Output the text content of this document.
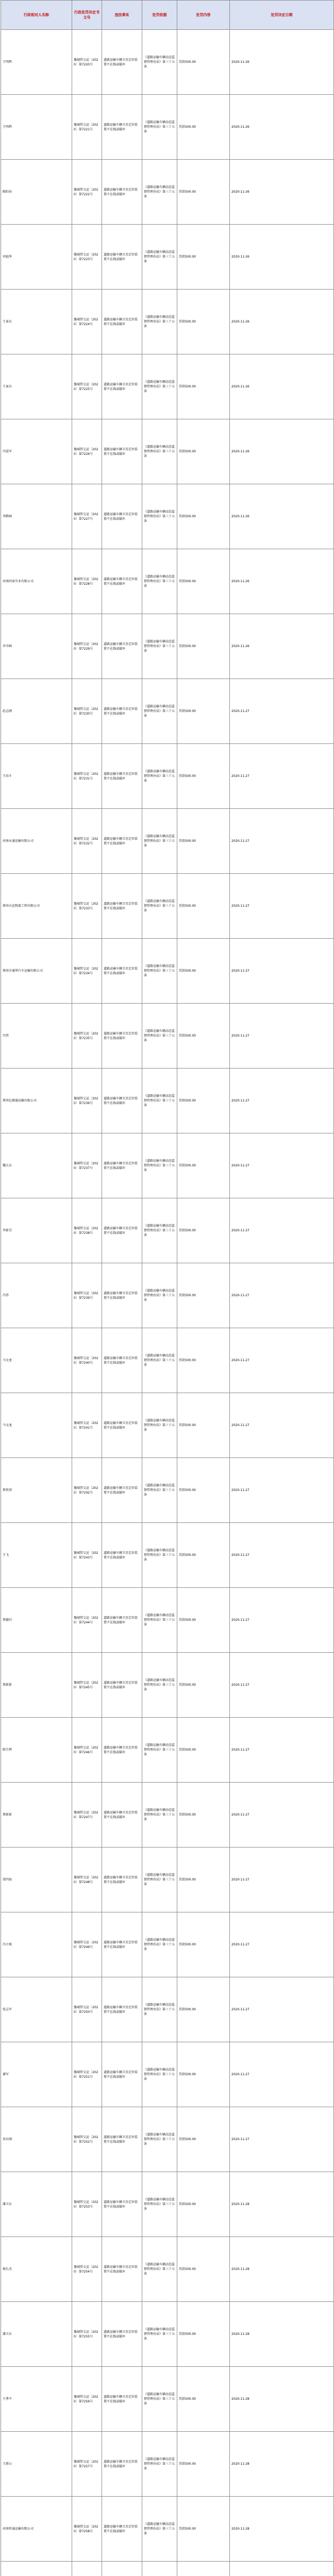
行政相对人名称	行政处罚决定书文号	违法事实	处罚依据	处罚内容	处罚决定日期
王明辉	豫城管交运〔2020〕第7220号	道路运输车辆卫星定位装置不在线或破坏	《道路运输车辆动态监督管理办法》第三十五条	罚款500.00	2020-11-26
王明辉	豫城管交运〔2020〕第7221号	道路运输车辆卫星定位装置不在线或破坏	《道路运输车辆动态监督管理办法》第三十五条	罚款500.00	2020-11-26
陈阳春	豫城管交运〔2020〕第7222号	道路运输车辆卫星定位装置不在线或破坏	《道路运输车辆动态监督管理办法》第三十五条	罚款500.00	2020-11-26
刘福华	豫城管交运〔2020〕第7223号	道路运输车辆卫星定位装置不在线或破坏	《道路运输车辆动态监督管理办法》第三十五条	罚款500.00	2020-11-26
王東东	豫城管交运〔2020〕第7224号	道路运输车辆卫星定位装置不在线或破坏	《道路运输车辆动态监督管理办法》第三十五条	罚款500.00	2020-11-26
王東东	豫城管交运〔2020〕第7225号	道路运输车辆卫星定位装置不在线或破坏	《道路运输车辆动态监督管理办法》第三十五条	罚款500.00	2020-11-26
冯爱军	豫城管交运〔2020〕第7226号	道路运输车辆卫星定位装置不在线或破坏	《道路运输车辆动态监督管理办法》第三十五条	罚款500.00	2020-11-26
李腾林	豫城管交运〔2020〕第7227号	道路运输车辆卫星定位装置不在线或破坏	《道路运输车辆动态监督管理办法》第三十五条	罚款500.00	2020-11-26
河南同泰实业有限公司	豫城管交运〔2020〕第7228号	道路运输车辆卫星定位装置不在线或破坏	《道路运输车辆动态监督管理办法》第三十五条	罚款500.00	2020-11-26
李书林	豫城管交运〔2020〕第7229号	道路运输车辆卫星定位装置不在线或破坏	《道路运输车辆动态监督管理办法》第三十五条	罚款500.00	2020-11-26
赵志刚	豫城管交运〔2020〕第7230号	道路运输车辆卫星定位装置不在线或破坏	《道路运输车辆动态监督管理办法》第三十五条	罚款500.00	2020-11-27
王春斗	豫城管交运〔2020〕第7231号	道路运输车辆卫星定位装置不在线或破坏	《道路运输车辆动态监督管理办法》第三十五条	罚款500.00	2020-11-27
河南永通运输有限公司	豫城管交运〔2020〕第7232号	道路运输车辆卫星定位装置不在线或破坏	《道路运输车辆动态监督管理办法》第三十五条	罚款500.00	2020-11-27
郑州天运物流工程有限公司	豫城管交运〔2020〕第7233号	道路运输车辆卫星定位装置不在线或破坏	《道路运输车辆动态监督管理办法》第三十五条	罚款500.00	2020-11-27
郑州市通华汽车运输有限公司	豫城管交运〔2020〕第7234号	道路运输车辆卫星定位装置不在线或破坏	《道路运输车辆动态监督管理办法》第三十五条	罚款500.00	2020-11-27
冯伟	豫城管交运〔2020〕第7235号	道路运输车辆卫星定位装置不在线或破坏	《道路运输车辆动态监督管理办法》第三十五条	罚款500.00	2020-11-27
郑州亿顺通运输有限公司	豫城管交运〔2020〕第7236号	道路运输车辆卫星定位装置不在线或破坏	《道路运输车辆动态监督管理办法》第三十五条	罚款500.00	2020-11-27
魏大东	豫城管交运〔2020〕第7237号	道路运输车辆卫星定位装置不在线或破坏	《道路运输车辆动态监督管理办法》第三十五条	罚款500.00	2020-11-27
李新青	豫城管交运〔2020〕第7238号	道路运输车辆卫星定位装置不在线或破坏	《道路运输车辆动态监督管理办法》第三十五条	罚款500.00	2020-11-27
冯伟	豫城管交运〔2020〕第7239号	道路运输车辆卫星定位装置不在线或破坏	《道路运输车辆动态监督管理办法》第三十五条	罚款500.00	2020-11-27
马文龙	豫城管交运〔2020〕第7240号	道路运输车辆卫星定位装置不在线或破坏	《道路运输车辆动态监督管理办法》第三十五条	罚款500.00	2020-11-27
马文龙	豫城管交运〔2020〕第7241号	道路运输车辆卫星定位装置不在线或破坏	《道路运输车辆动态监督管理办法》第三十五条	罚款500.00	2020-11-27
郑铁双	豫城管交运〔2020〕第7242号	道路运输车辆卫星定位装置不在线或破坏	《道路运输车辆动态监督管理办法》第三十五条	罚款500.00	2020-11-27
王飞	豫城管交运〔2020〕第7243号	道路运输车辆卫星定位装置不在线或破坏	《道路运输车辆动态监督管理办法》第三十五条	罚款500.00	2020-11-27
蔡德付	豫城管交运〔2020〕第7244号	道路运输车辆卫星定位装置不在线或破坏	《道路运输车辆动态监督管理办法》第三十五条	罚款500.00	2020-11-27
蔡新新	豫城管交运〔2020〕第7245号	道路运输车辆卫星定位装置不在线或破坏	《道路运输车辆动态监督管理办法》第三十五条	罚款500.00	2020-11-27
陈生辉	豫城管交运〔2020〕第7246号	道路运输车辆卫星定位装置不在线或破坏	《道路运输车辆动态监督管理办法》第三十五条	罚款500.00	2020-11-27
蔡新新	豫城管交运〔2020〕第7247号	道路运输车辆卫星定位装置不在线或破坏	《道路运输车辆动态监督管理办法》第三十五条	罚款500.00	2020-11-27
梁四海	豫城管交运〔2020〕第7248号	道路运输车辆卫星定位装置不在线或破坏	《道路运输车辆动态监督管理办法》第三十五条	罚款500.00	2020-11-27
冯立坡	豫城管交运〔2020〕第7249号	道路运输车辆卫星定位装置不在线或破坏	《道路运输车辆动态监督管理办法》第三十五条	罚款500.00	2020-11-27
张志军	豫城管交运〔2020〕第7250号	道路运输车辆卫星定位装置不在线或破坏	《道路运输车辆动态监督管理办法》第三十五条	罚款500.00	2020-11-27
谢军	豫城管交运〔2020〕第7251号	道路运输车辆卫星定位装置不在线或破坏	《道路运输车辆动态监督管理办法》第三十五条	罚款500.00	2020-11-27
祁东刚	豫城管交运〔2020〕第7252号	道路运输车辆卫星定位装置不在线或破坏	《道路运输车辆动态监督管理办法》第三十五条	罚款500.00	2020-11-27
潘卫东	豫城管交运〔2020〕第7253号	道路运输车辆卫星定位装置不在线或破坏	《道路运输车辆动态监督管理办法》第三十五条	罚款500.00	2020-11-28
杨长杰	豫城管交运〔2020〕第7254号	道路运输车辆卫星定位装置不在线或破坏	《道路运输车辆动态监督管理办法》第三十五条	罚款500.00	2020-11-28
潘卫东	豫城管交运〔2020〕第7255号	道路运输车辆卫星定位装置不在线或破坏	《道路运输车辆动态监督管理办法》第三十五条	罚款500.00	2020-11-28
王秀平	豫城管交运〔2020〕第7256号	道路运输车辆卫星定位装置不在线或破坏	《道路运输车辆动态监督管理办法》第三十五条	罚款500.00	2020-11-28
王新山	豫城管交运〔2020〕第7257号	道路运输车辆卫星定位装置不在线或破坏	《道路运输车辆动态监督管理办法》第三十五条	罚款500.00	2020-11-28
河南恒通运输有限公司	豫城管交运〔2020〕第7258号	道路运输车辆卫星定位装置不在线或破坏	《道路运输车辆动态监督管理办法》第三十五条	罚款500.00	2020-11-28
